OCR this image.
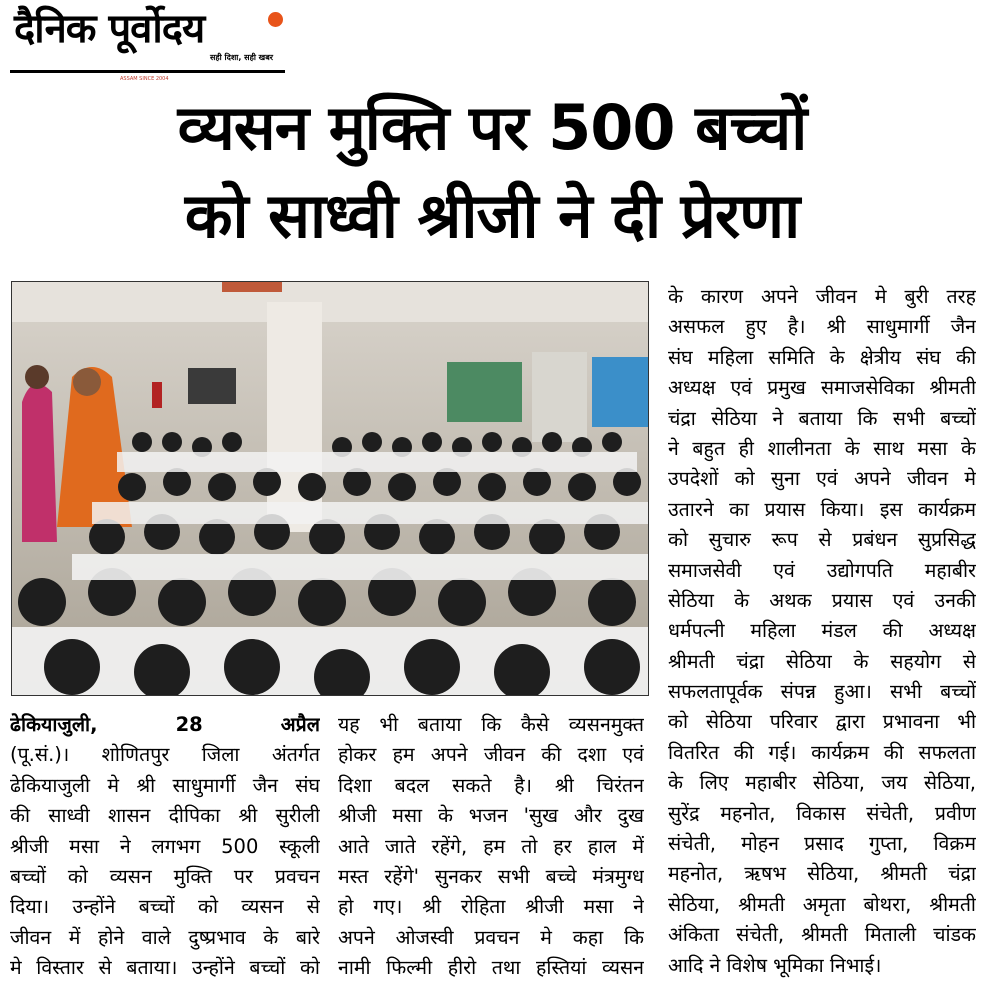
दैनिक पूर्वोदय
सही दिशा, सही खबर
ASSAM SINCE 2004
व्यसन मुक्ति पर 500 बच्चों
को साध्वी श्रीजी ने दी प्रेरणा
ढेकियाजुली, 28 अप्रैल
(पू.सं.)। शोणितपुर जिला अंतर्गत
ढेकियाजुली मे श्री साधुमार्गी जैन संघ
की साध्वी शासन दीपिका श्री सुरीली
श्रीजी मसा ने लगभग 500 स्कूली
बच्चों को व्यसन मुक्ति पर प्रवचन
दिया। उन्होंने बच्चों को व्यसन से
जीवन में होने वाले दुष्प्रभाव के बारे
मे विस्तार से बताया। उन्होंने बच्चों को
यह भी बताया कि कैसे व्यसनमुक्त
होकर हम अपने जीवन की दशा एवं
दिशा बदल सकते है। श्री चिरंतन
श्रीजी मसा के भजन 'सुख और दुख
आते जाते रहेंगे, हम तो हर हाल में
मस्त रहेंगे' सुनकर सभी बच्चे मंत्रमुग्ध
हो गए। श्री रोहिता श्रीजी मसा ने
अपने ओजस्वी प्रवचन मे कहा कि
नामी फिल्मी हीरो तथा हस्तियां व्यसन
के कारण अपने जीवन मे बुरी तरह
असफल हुए है। श्री साधुमार्गी जैन
संघ महिला समिति के क्षेत्रीय संघ की
अध्यक्ष एवं प्रमुख समाजसेविका श्रीमती
चंद्रा सेठिया ने बताया कि सभी बच्चों
ने बहुत ही शालीनता के साथ मसा के
उपदेशों को सुना एवं अपने जीवन मे
उतारने का प्रयास किया। इस कार्यक्रम
को सुचारु रूप से प्रबंधन सुप्रसिद्ध
समाजसेवी एवं उद्योगपति महाबीर
सेठिया के अथक प्रयास एवं उनकी
धर्मपत्नी महिला मंडल की अध्यक्ष
श्रीमती चंद्रा सेठिया के सहयोग से
सफलतापूर्वक संपन्न हुआ। सभी बच्चों
को सेठिया परिवार द्वारा प्रभावना भी
वितरित की गई। कार्यक्रम की सफलता
के लिए महाबीर सेठिया, जय सेठिया,
सुरेंद्र महनोत, विकास संचेती, प्रवीण
संचेती, मोहन प्रसाद गुप्ता, विक्रम
महनोत, ऋषभ सेठिया, श्रीमती चंद्रा
सेठिया, श्रीमती अमृता बोथरा, श्रीमती
अंकिता संचेती, श्रीमती मिताली चांडक
आदि ने विशेष भूमिका निभाई।
